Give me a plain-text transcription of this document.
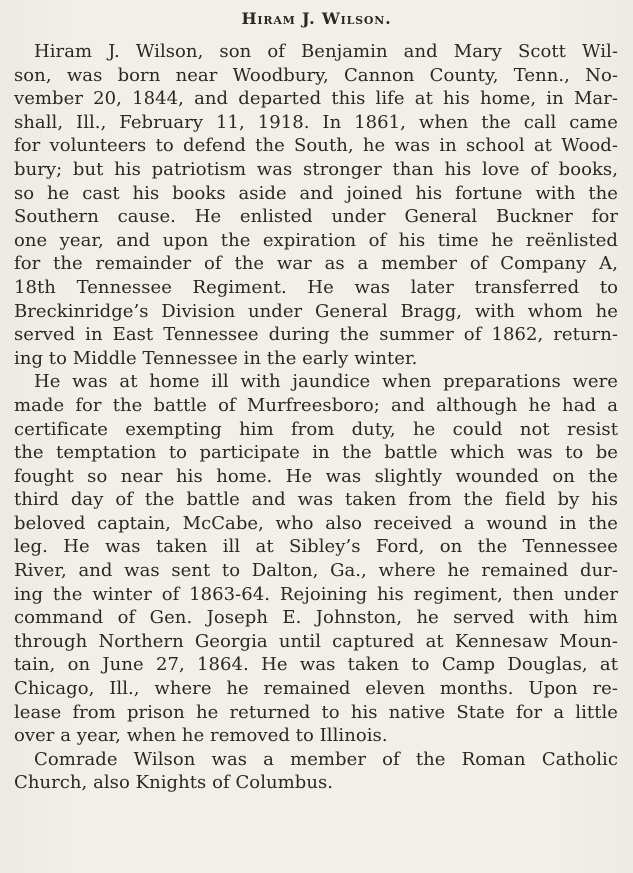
Hiram J. Wilson.
Hiram J. Wilson, son of Benjamin and Mary Scott Wil-
son, was born near Woodbury, Cannon County, Tenn., No-
vember 20, 1844, and departed this life at his home, in Mar-
shall, Ill., February 11, 1918. In 1861, when the call came
for volunteers to defend the South, he was in school at Wood-
bury; but his patriotism was stronger than his love of books,
so he cast his books aside and joined his fortune with the
Southern cause. He enlisted under General Buckner for
one year, and upon the expiration of his time he reënlisted
for the remainder of the war as a member of Company A,
18th Tennessee Regiment. He was later transferred to
Breckinridge’s Division under General Bragg, with whom he
served in East Tennessee during the summer of 1862, return-
ing to Middle Tennessee in the early winter.
He was at home ill with jaundice when preparations were
made for the battle of Murfreesboro; and although he had a
certificate exempting him from duty, he could not resist
the temptation to participate in the battle which was to be
fought so near his home. He was slightly wounded on the
third day of the battle and was taken from the field by his
beloved captain, McCabe, who also received a wound in the
leg. He was taken ill at Sibley’s Ford, on the Tennessee
River, and was sent to Dalton, Ga., where he remained dur-
ing the winter of 1863-64. Rejoining his regiment, then under
command of Gen. Joseph E. Johnston, he served with him
through Northern Georgia until captured at Kennesaw Moun-
tain, on June 27, 1864. He was taken to Camp Douglas, at
Chicago, Ill., where he remained eleven months. Upon re-
lease from prison he returned to his native State for a little
over a year, when he removed to Illinois.
Comrade Wilson was a member of the Roman Catholic
Church, also Knights of Columbus.
